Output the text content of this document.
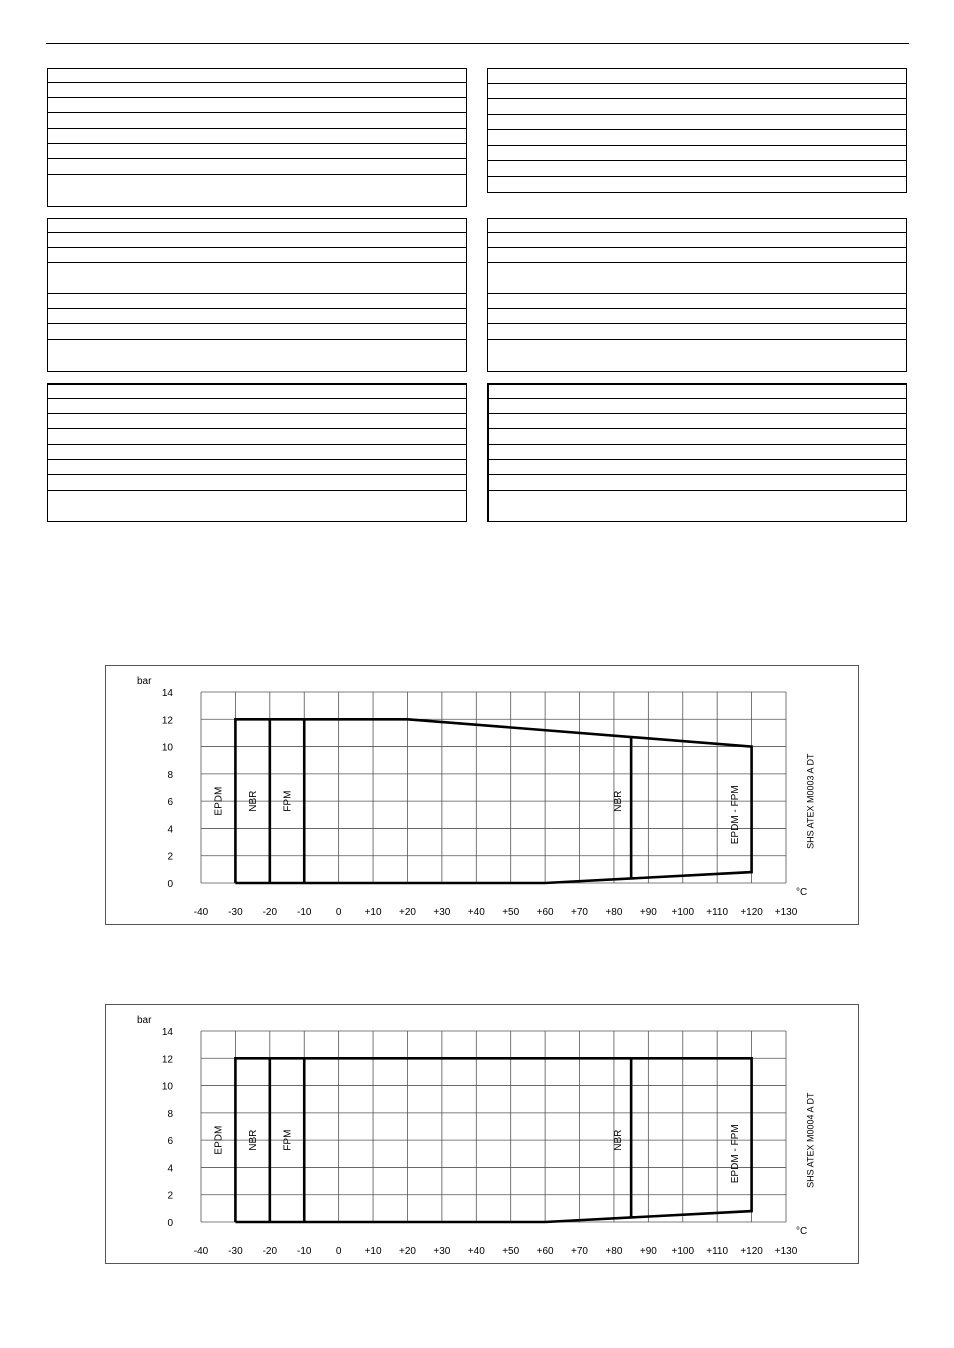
-40 -30 -20 -10 0 +10 +20 +30 +40 +50 +60 +70 +80 +90 +100 +110 +120 +130
0
2
4
6
8
10
12
14
bar
°C
EPDM NBR FPM	NBR	EPDM - FPM	SHS ATEX M0003 A DT
-40 -30 -20 -10 0 +10 +20 +30 +40 +50 +60 +70 +80 +90 +100 +110 +120 +130
0
2
4
6
8
10
12
14
bar
°C
EPDM NBR FPM	NBR	EPDM - FPM	SHS ATEX M0004 A DT
